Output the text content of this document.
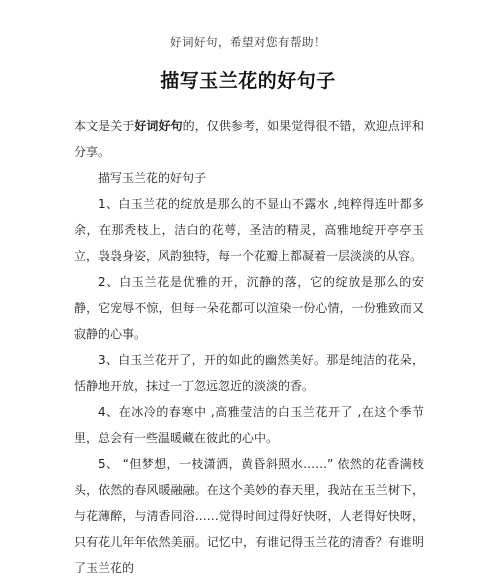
好词好句，希望对您有帮助！
描写玉兰花的好句子

本文是关于好词好句的，仅供参考，如果觉得很不错，欢迎点评和分享。

描写玉兰花的好句子

1、白玉兰花的绽放是那么的不显山不露水 ,纯粹得连叶都多余，在那秃枝上，洁白的花萼，圣洁的精灵，高雅地绽开亭亭玉立，袅袅身姿，风韵独特，每一个花瓣上都凝着一层淡淡的从容。

2、白玉兰花是优雅的开，沉静的落，它的绽放是那么的安静，它宠辱不惊，但每一朵花都可以渲染一份心情，一份雅致而又寂静的心事。

3、白玉兰花开了，开的如此的幽然美好。那是纯洁的花朵，恬静地开放，抹过一丁忽远忽近的淡淡的香。

4、在冰冷的春寒中 ,高雅莹洁的白玉兰花开了 ,在这个季节里，总会有一些温暖藏在彼此的心中。

5、 “但梦想，一枝潇洒，黄昏斜照水……” 依然的花香满枝头，依然的春风暖融融。在这个美妙的春天里，我站在玉兰树下，与花薄醉，与清香同浴……觉得时间过得好快呀，人老得好快呀，只有花儿年年依然美丽。记忆中，有谁记得玉兰花的清香？有谁明了玉兰花的
